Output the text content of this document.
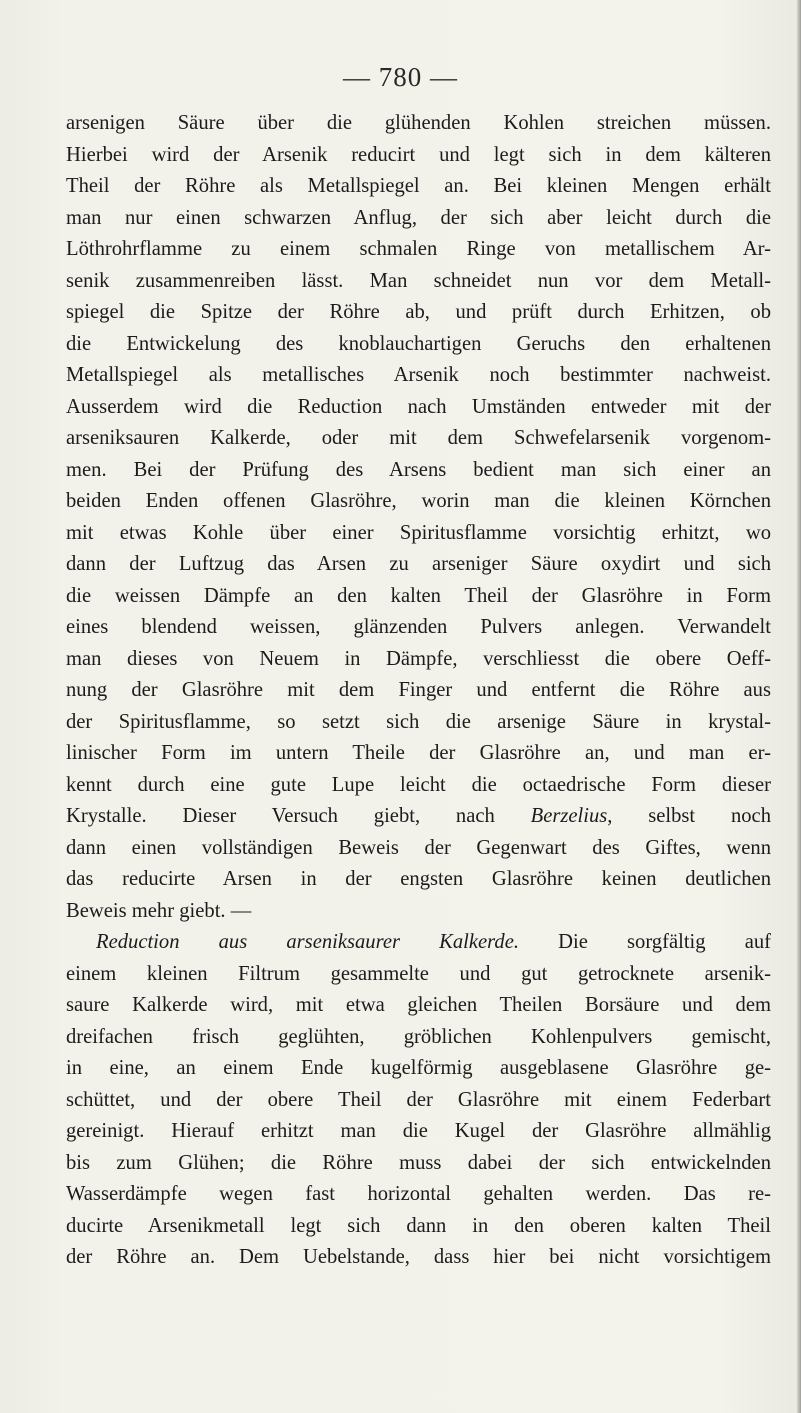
— 780 —
arsenigen Säure über die glühenden Kohlen streichen müssen.
Hierbei wird der Arsenik reducirt und legt sich in dem kälteren
Theil der Röhre als Metallspiegel an. Bei kleinen Mengen erhält
man nur einen schwarzen Anflug, der sich aber leicht durch die
Löthrohrflamme zu einem schmalen Ringe von metallischem Ar-
senik zusammenreiben lässt. Man schneidet nun vor dem Metall-
spiegel die Spitze der Röhre ab, und prüft durch Erhitzen, ob
die Entwickelung des knoblauchartigen Geruchs den erhaltenen
Metallspiegel als metallisches Arsenik noch bestimmter nachweist.
Ausserdem wird die Reduction nach Umständen entweder mit der
arseniksauren Kalkerde, oder mit dem Schwefelarsenik vorgenom-
men. Bei der Prüfung des Arsens bedient man sich einer an
beiden Enden offenen Glasröhre, worin man die kleinen Körnchen
mit etwas Kohle über einer Spiritusflamme vorsichtig erhitzt, wo
dann der Luftzug das Arsen zu arseniger Säure oxydirt und sich
die weissen Dämpfe an den kalten Theil der Glasröhre in Form
eines blendend weissen, glänzenden Pulvers anlegen. Verwandelt
man dieses von Neuem in Dämpfe, verschliesst die obere Oeff-
nung der Glasröhre mit dem Finger und entfernt die Röhre aus
der Spiritusflamme, so setzt sich die arsenige Säure in krystal-
linischer Form im untern Theile der Glasröhre an, und man er-
kennt durch eine gute Lupe leicht die octaedrische Form dieser
Krystalle. Dieser Versuch giebt, nach Berzelius, selbst noch
dann einen vollständigen Beweis der Gegenwart des Giftes, wenn
das reducirte Arsen in der engsten Glasröhre keinen deutlichen
Beweis mehr giebt. —
Reduction aus arseniksaurer Kalkerde. Die sorgfältig auf
einem kleinen Filtrum gesammelte und gut getrocknete arsenik-
saure Kalkerde wird, mit etwa gleichen Theilen Borsäure und dem
dreifachen frisch geglühten, gröblichen Kohlenpulvers gemischt,
in eine, an einem Ende kugelförmig ausgeblasene Glasröhre ge-
schüttet, und der obere Theil der Glasröhre mit einem Federbart
gereinigt. Hierauf erhitzt man die Kugel der Glasröhre allmählig
bis zum Glühen; die Röhre muss dabei der sich entwickelnden
Wasserdämpfe wegen fast horizontal gehalten werden. Das re-
ducirte Arsenikmetall legt sich dann in den oberen kalten Theil
der Röhre an. Dem Uebelstande, dass hier bei nicht vorsichtigem
